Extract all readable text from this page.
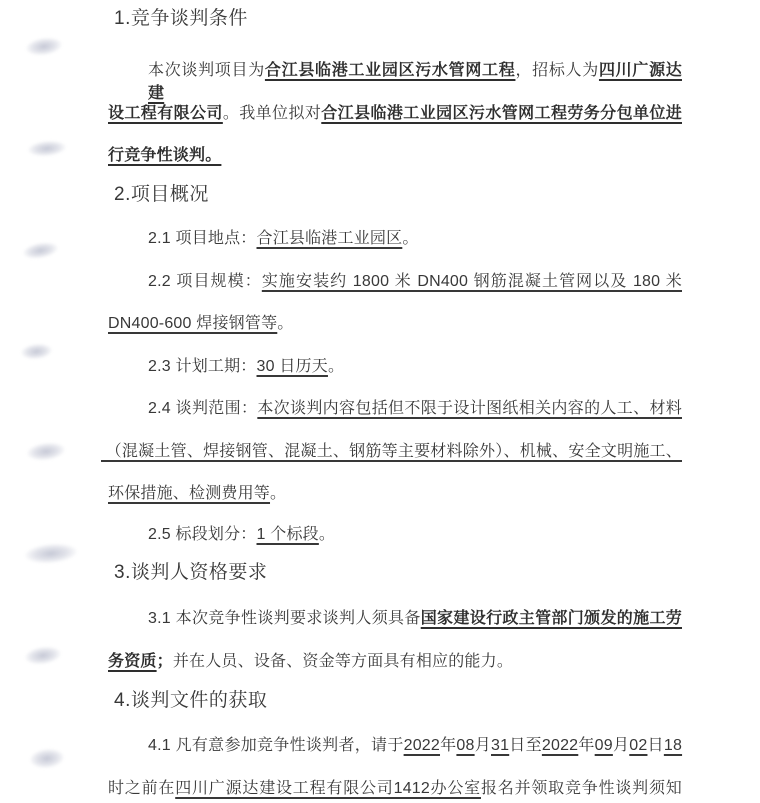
1.竞争谈判条件
本次谈判项目为合江县临港工业园区污水管网工程，招标人为四川广源达建
设工程有限公司。我单位拟对合江县临港工业园区污水管网工程劳务分包单位进
行竞争性谈判。
2.项目概况
2.1 项目地点：合江县临港工业园区。
2.2 项目规模：实施安装约 1800 米 DN400 钢筋混凝土管网以及 180 米
DN400-600 焊接钢管等。
2.3 计划工期：30 日历天。
2.4 谈判范围：本次谈判内容包括但不限于设计图纸相关内容的人工、材料
（混凝土管、焊接钢管、混凝土、钢筋等主要材料除外）、机械、安全文明施工、
环保措施、检测费用等。
2.5 标段划分：1 个标段。
3.谈判人资格要求
3.1 本次竞争性谈判要求谈判人须具备国家建设行政主管部门颁发的施工劳
务资质；并在人员、设备、资金等方面具有相应的能力。
4.谈判文件的获取
4.1 凡有意参加竞争性谈判者，请于2022年08月31日至2022年09月02日18
时之前在四川广源达建设工程有限公司1412办公室报名并领取竞争性谈判须知
